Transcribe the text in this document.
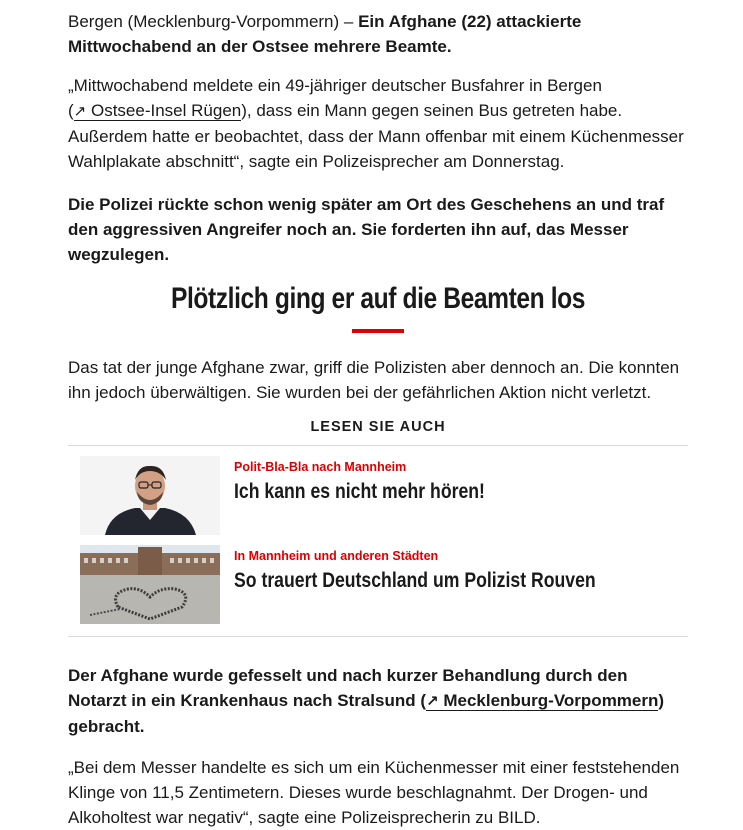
Bergen (Mecklenburg-Vorpommern) – Ein Afghane (22) attackierte Mittwochabend an der Ostsee mehrere Beamte.

„Mittwochabend meldete ein 49-jähriger deutscher Busfahrer in Bergen (↗ Ostsee-Insel Rügen), dass ein Mann gegen seinen Bus getreten habe. Außerdem hatte er beobachtet, dass der Mann offenbar mit einem Küchenmesser Wahlplakate abschnitt“, sagte ein Polizeisprecher am Donnerstag.

Die Polizei rückte schon wenig später am Ort des Geschehens an und traf den aggressiven Angreifer noch an. Sie forderten ihn auf, das Messer wegzulegen.

Plötzlich ging er auf die Beamten los

Das tat der junge Afghane zwar, griff die Polizisten aber dennoch an. Die konnten ihn jedoch überwältigen. Sie wurden bei der gefährlichen Aktion nicht verletzt.

LESEN SIE AUCH
Polit-Bla-Bla nach Mannheim
Ich kann es nicht mehr hören!
In Mannheim und anderen Städten
So trauert Deutschland um Polizist Rouven

Der Afghane wurde gefesselt und nach kurzer Behandlung durch den Notarzt in ein Krankenhaus nach Stralsund (↗ Mecklenburg-Vorpommern) gebracht.

„Bei dem Messer handelte es sich um ein Küchenmesser mit einer feststehenden Klinge von 11,5 Zentimetern. Dieses wurde beschlagnahmt. Der Drogen- und Alkoholtest war negativ“, sagte eine Polizeisprecherin zu BILD.
